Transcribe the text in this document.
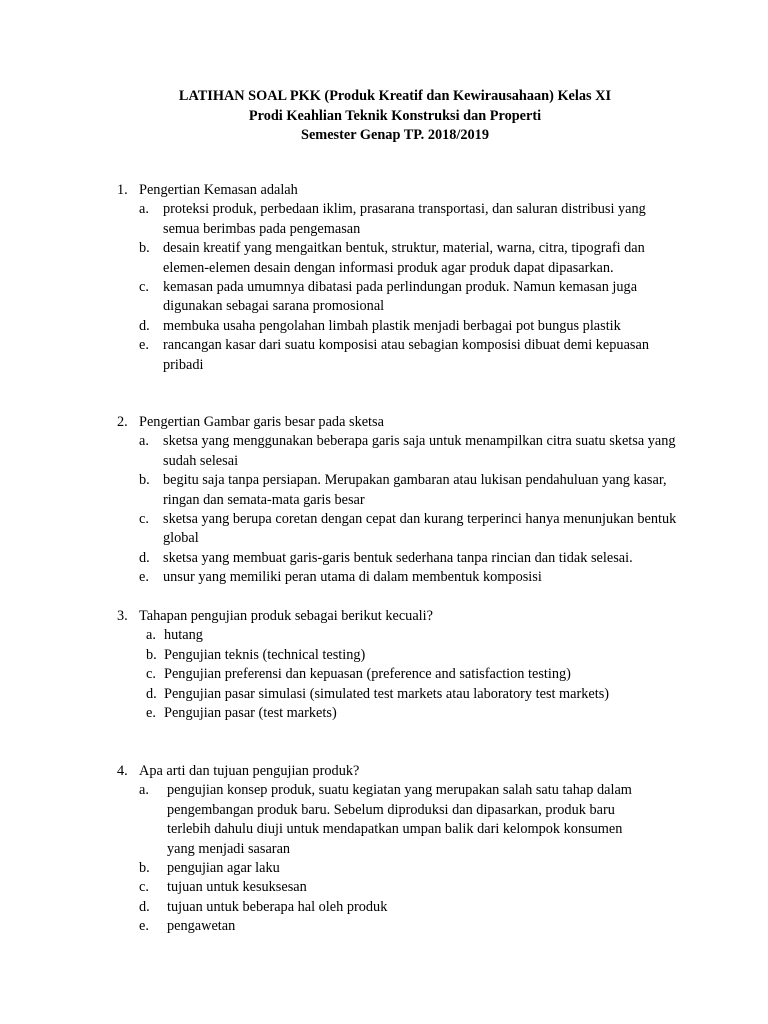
LATIHAN SOAL PKK (Produk Kreatif dan Kewirausahaan) Kelas XI
Prodi Keahlian Teknik Konstruksi dan Properti
Semester Genap TP. 2018/2019
1. Pengertian Kemasan adalah
a. proteksi produk, perbedaan iklim, prasarana transportasi, dan saluran distribusi yang semua berimbas pada pengemasan
b. desain kreatif yang mengaitkan bentuk, struktur, material, warna, citra, tipografi dan elemen-elemen desain dengan informasi produk agar produk dapat dipasarkan.
c. kemasan pada umumnya dibatasi pada perlindungan produk. Namun kemasan juga digunakan sebagai sarana promosional
d. membuka usaha pengolahan limbah plastik menjadi berbagai pot bungus plastik
e. rancangan kasar dari suatu komposisi atau sebagian komposisi dibuat demi kepuasan pribadi
2. Pengertian Gambar garis besar pada sketsa
a. sketsa yang menggunakan beberapa garis saja untuk menampilkan citra suatu sketsa yang sudah selesai
b. begitu saja tanpa persiapan. Merupakan gambaran atau lukisan pendahuluan yang kasar, ringan dan semata-mata garis besar
c. sketsa yang berupa coretan dengan cepat dan kurang terperinci hanya menunjukan bentuk global
d. sketsa yang membuat garis-garis bentuk sederhana tanpa rincian dan tidak selesai.
e. unsur yang memiliki peran utama di dalam membentuk komposisi
3. Tahapan pengujian produk sebagai berikut kecuali?
a. hutang
b. Pengujian teknis (technical testing)
c. Pengujian preferensi dan kepuasan (preference and satisfaction testing)
d. Pengujian pasar simulasi (simulated test markets atau laboratory test markets)
e. Pengujian pasar (test markets)
4. Apa arti dan tujuan pengujian produk?
a. pengujian konsep produk, suatu kegiatan yang merupakan salah satu tahap dalam pengembangan produk baru. Sebelum diproduksi dan dipasarkan, produk baru terlebih dahulu diuji untuk mendapatkan umpan balik dari kelompok konsumen yang menjadi sasaran
b. pengujian agar laku
c. tujuan untuk kesuksesan
d. tujuan untuk beberapa hal oleh produk
e. pengawetan
